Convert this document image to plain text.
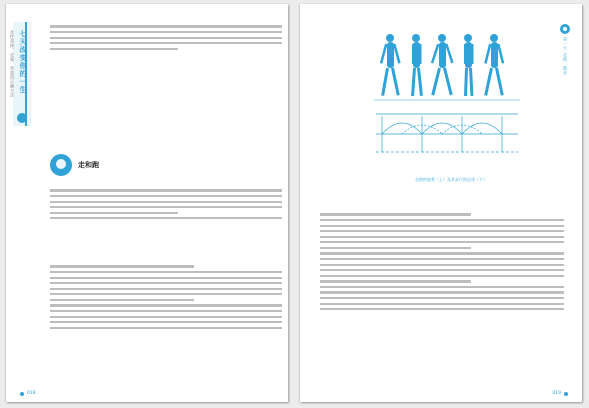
七天改变你的一生
女性美体、走姿、坐姿的正确方法

走和跑

018
第一天 走路、跑步
走路的姿势（上）及其步行的足迹（下）

019
